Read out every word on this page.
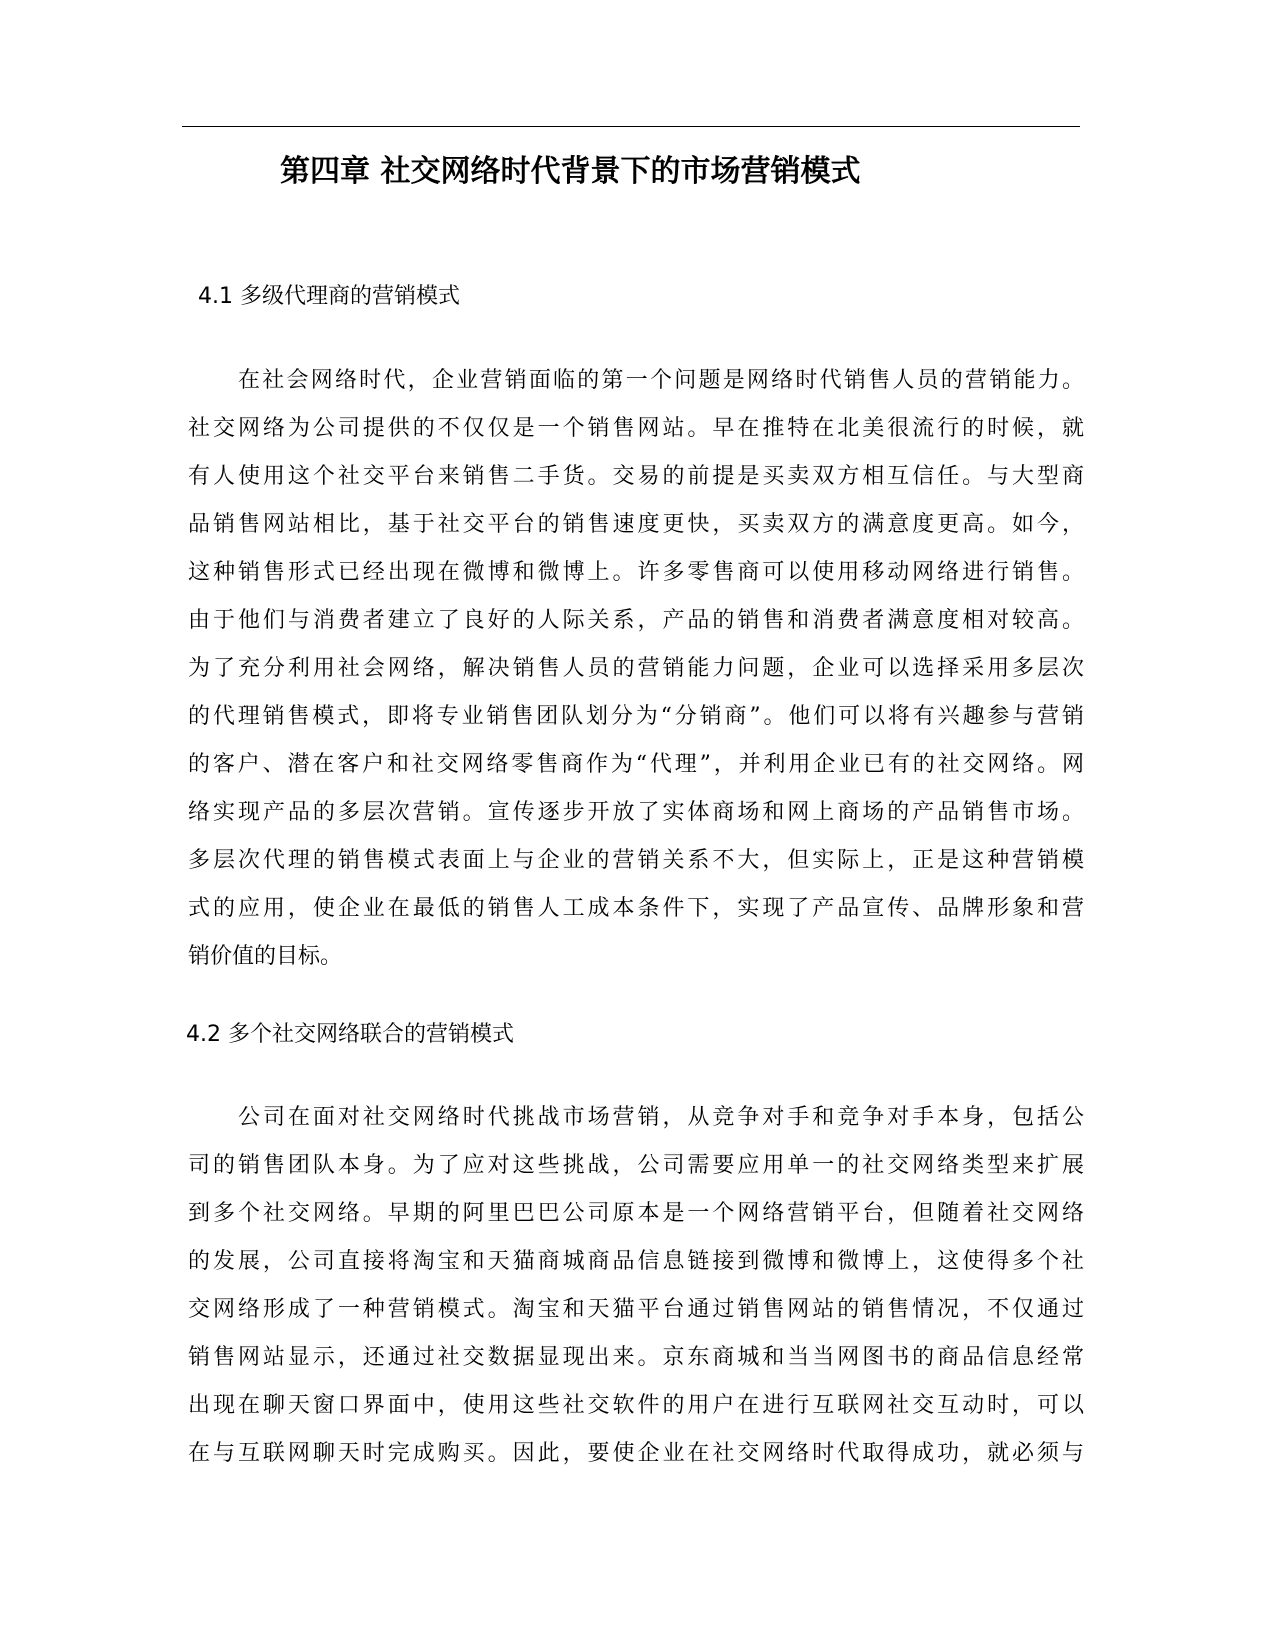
第四章 社交网络时代背景下的市场营销模式
4.1 多级代理商的营销模式
在社会网络时代，企业营销面临的第一个问题是网络时代销售人员的营销能力。
社交网络为公司提供的不仅仅是一个销售网站。早在推特在北美很流行的时候，就
有人使用这个社交平台来销售二手货。交易的前提是买卖双方相互信任。与大型商
品销售网站相比，基于社交平台的销售速度更快，买卖双方的满意度更高。如今，
这种销售形式已经出现在微博和微博上。许多零售商可以使用移动网络进行销售。
由于他们与消费者建立了良好的人际关系，产品的销售和消费者满意度相对较高。
为了充分利用社会网络，解决销售人员的营销能力问题，企业可以选择采用多层次
的代理销售模式，即将专业销售团队划分为“分销商”。他们可以将有兴趣参与营销
的客户、潜在客户和社交网络零售商作为“代理”，并利用企业已有的社交网络。网
络实现产品的多层次营销。宣传逐步开放了实体商场和网上商场的产品销售市场。
多层次代理的销售模式表面上与企业的营销关系不大，但实际上，正是这种营销模
式的应用，使企业在最低的销售人工成本条件下，实现了产品宣传、品牌形象和营
销价值的目标。
4.2 多个社交网络联合的营销模式
公司在面对社交网络时代挑战市场营销，从竞争对手和竞争对手本身，包括公
司的销售团队本身。为了应对这些挑战，公司需要应用单一的社交网络类型来扩展
到多个社交网络。早期的阿里巴巴公司原本是一个网络营销平台，但随着社交网络
的发展，公司直接将淘宝和天猫商城商品信息链接到微博和微博上，这使得多个社
交网络形成了一种营销模式。淘宝和天猫平台通过销售网站的销售情况，不仅通过
销售网站显示，还通过社交数据显现出来。京东商城和当当网图书的商品信息经常
出现在聊天窗口界面中，使用这些社交软件的用户在进行互联网社交互动时，可以
在与互联网聊天时完成购买。因此，要使企业在社交网络时代取得成功，就必须与
